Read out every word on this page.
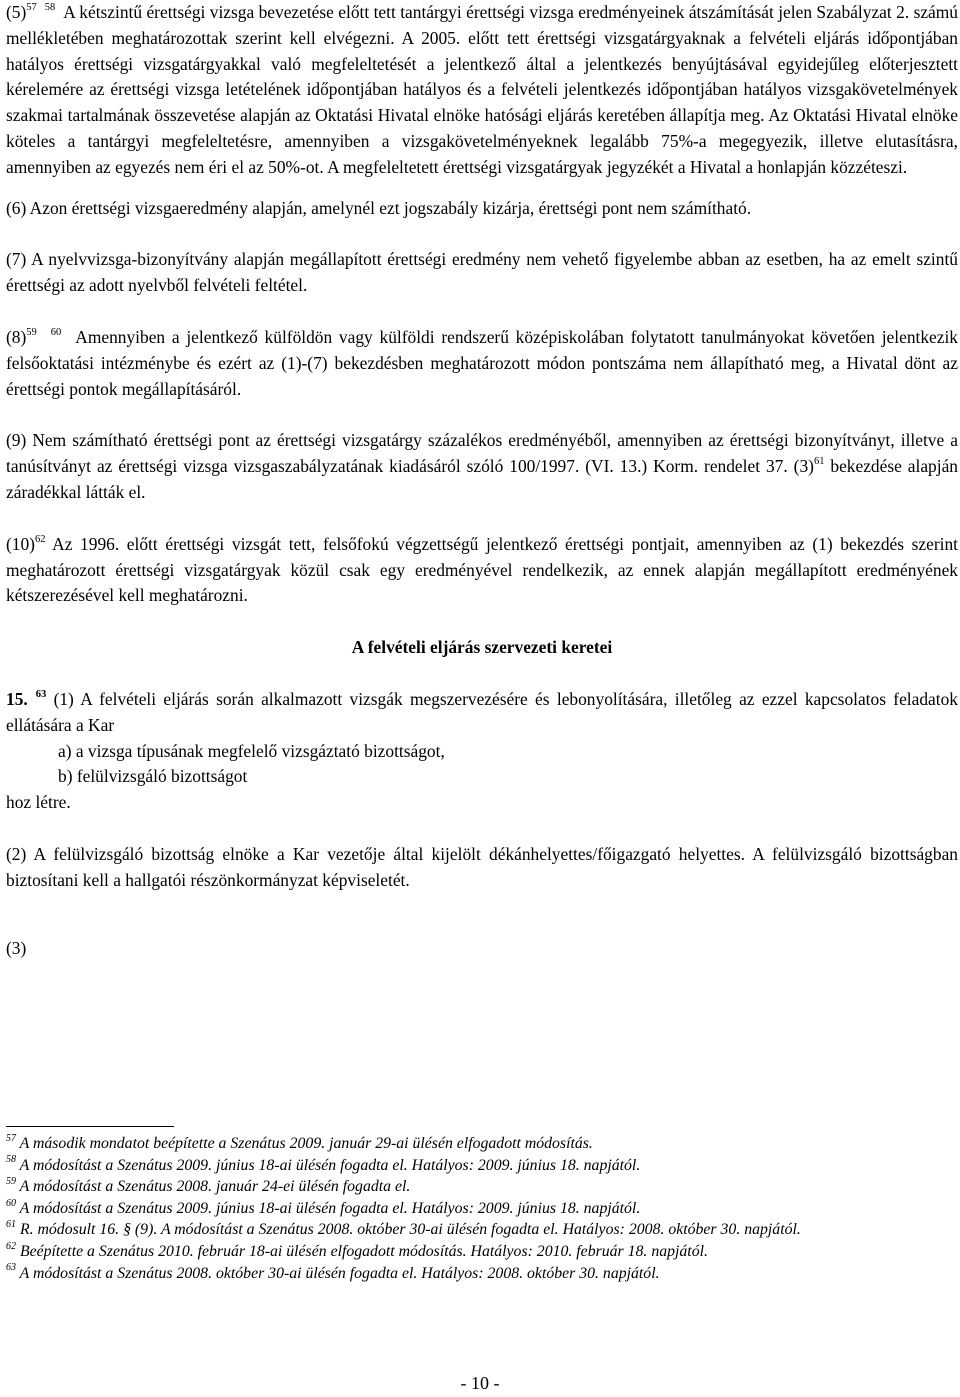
$(5)^{57}$ $^{58}$ A kétszintű érettségi vizsga bevezetése előtt tett tantárgyi érettségi vizsga eredményeinek átszámítását jelen Szabályzat 2. számú mellékletében meghatározottak szerint kell elvégezni. A 2005. előtt tett érettségi vizsgatárgyaknak a felvételi eljárás időpontjában hatályos érettségi vizsgatárgyakkal való megfeleltetését a jelentkező által a jelentkezés benyújtásával egyidejűleg előterjesztett kérelemére az érettségi vizsga letételének időpontjában hatályos és a felvételi jelentkezés időpontjában hatályos vizsgakövetelmények szakmai tartalmának összevetése alapján az Oktatási Hivatal elnöke hatósági eljárás keretében állapítja meg. Az Oktatási Hivatal elnöke köteles a tantárgyi megfeleltetésre, amennyiben a vizsgakövetelményeknek legalább 75%-a megegyezik, illetve elutasításra, amennyiben az egyezés nem éri el az 50%-ot. A megfeleltetett érettségi vizsgatárgyak jegyzékét a Hivatal a honlapján közzéteszi.

(6) Azon érettségi vizsgaeredmény alapján, amelynél ezt jogszabály kizárja, érettségi pont nem számítható.

(7) A nyelvvizsga-bizonyítvány alapján megállapított érettségi eredmény nem vehető figyelembe abban az esetben, ha az emelt szintű érettségi az adott nyelvből felvételi feltétel.

$(8)^{59}$ $^{60}$ Amennyiben a jelentkező külföldön vagy külföldi rendszerű középiskolában folytatott tanulmányokat követően jelentkezik felsőoktatási intézménybe és ezért az (1)-(7) bekezdésben meghatározott módon pontszáma nem állapítható meg, a Hivatal dönt az érettségi pontok megállapításáról.

(9) Nem számítható érettségi pont az érettségi vizsgatárgy százalékos eredményéből, amennyiben az érettségi bizonyítványt, illetve a tanúsítványt az érettségi vizsga vizsgaszabályzatának kiadásáról szóló 100/1997. (VI. 13.) Korm. rendelet 37. $(3)^{61}$ bekezdése alapján záradékkal látták el.

$(10)^{62}$ Az 1996. előtt érettségi vizsgát tett, felsőfokú végzettségű jelentkező érettségi pontjait, amennyiben az (1) bekezdés szerint meghatározott érettségi vizsgatárgyak közül csak egy eredményével rendelkezik, az ennek alapján megállapított eredményének kétszerezésével kell meghatározni.

A felvételi eljárás szervezeti keretei

15. $^{63}$ (1) A felvételi eljárás során alkalmazott vizsgák megszervezésére és lebonyolítására, illetőleg az ezzel kapcsolatos feladatok ellátására a Kar
a) a vizsga típusának megfelelő vizsgáztató bizottságot,
b) felülvizsgáló bizottságot
hoz létre.

(2) A felülvizsgáló bizottság elnöke a Kar vezetője által kijelölt dékánhelyettes/főigazgató helyettes. A felülvizsgáló bizottságban biztosítani kell a hallgatói részönkormányzat képviseletét.

(3)

$^{57}$ A második mondatot beépítette a Szenátus 2009. január 29-ai ülésén elfogadott módosítás.

$^{58}$ A módosítást a Szenátus 2009. június 18-ai ülésén fogadta el. Hatályos: 2009. június 18. napjától.

$^{59}$ A módosítást a Szenátus 2008. január 24-ei ülésén fogadta el.

$^{60}$ A módosítást a Szenátus 2009. június 18-ai ülésén fogadta el. Hatályos: 2009. június 18. napjától.

$^{61}$ R. módosult 16. § (9). A módosítást a Szenátus 2008. október 30-ai ülésén fogadta el. Hatályos: 2008. október 30. napjától.

$^{62}$ Beépítette a Szenátus 2010. február 18-ai ülésén elfogadott módosítás. Hatályos: 2010. február 18. napjától.

$^{63}$ A módosítást a Szenátus 2008. október 30-ai ülésén fogadta el. Hatályos: 2008. október 30. napjától.

- 10 -
